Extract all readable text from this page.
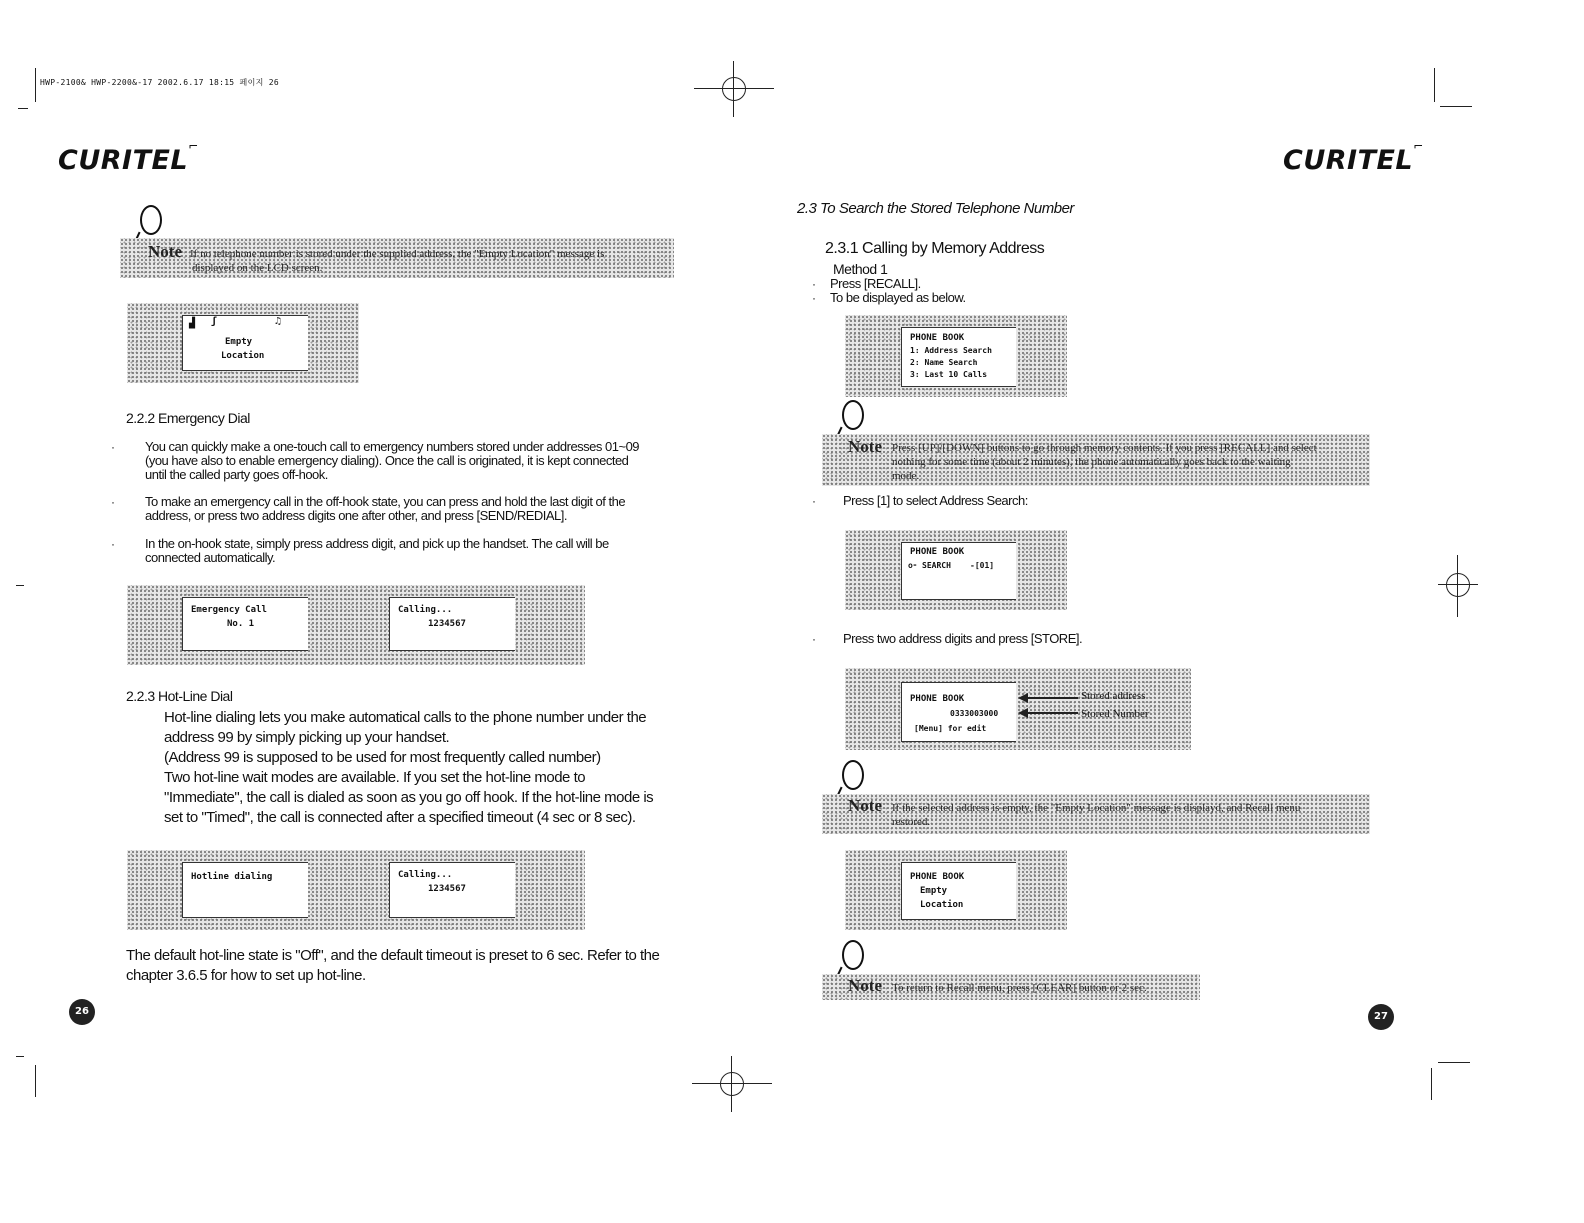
HWP-2100& HWP-2200&-17 2002.6.17 18:15 페이지 26
CURITEL⌐	CURITEL⌐
Note If no telephone number is stored under the supplied address, the "Empty Location" message is
displayed on the LCD screen.
▟ ʃ	♫
Empty
Location
2.2.2 Emergency Dial
· You can quickly make a one-touch call to emergency numbers stored under addresses 01~09
(you have also to enable emergency dialing). Once the call is originated, it is kept connected
until the called party goes off-hook.
· To make an emergency call in the off-hook state, you can press and hold the last digit of the
address, or press two address digits one after other, and press [SEND/REDIAL].
· In the on-hook state, simply press address digit, and pick up the handset. The call will be
connected automatically.
Emergency Call
No. 1
Calling...
1234567
2.2.3 Hot-Line Dial
Hot-line dialing lets you make automatical calls to the phone number under the
address 99 by simply picking up your handset.
(Address 99 is supposed to be used for most frequently called number)
Two hot-line wait modes are available. If you set the hot-line mode to
"Immediate", the call is dialed as soon as you go off hook. If the hot-line mode is
set to "Timed", the call is connected after a specified timeout (4 sec or 8 sec).
Hotline dialing	Calling...
1234567
The default hot-line state is "Off", and the default timeout is preset to 6 sec. Refer to the
chapter 3.6.5 for how to set up hot-line.
26
2.3 To Search the Stored Telephone Number
2.3.1 Calling by Memory Address
Method 1
· Press [RECALL].
· To be displayed as below.
PHONE BOOK
1: Address Search
2: Name Search
3: Last 10 Calls
Note Press [UP]/[DOWN] buttons to go through memory contents. If you press [RECALL] and select
nothing for some time (about 2 minutes), the phone automatically goes back to the waiting
mode.
· Press [1] to select Address Search:
PHONE BOOK
o⁃ SEARCH -[01]
· Press two address digits and press [STORE].
PHONE BOOK
0333003000
[Menu] for edit
Stored address
Stored Number
Note If the selected address is empty, the "Empty Location" message is displayd, and Recall menu
restored.
PHONE BOOK
Empty
Location
Note To return to Recall menu, press [CLEAR] button or 2 sec.
27
